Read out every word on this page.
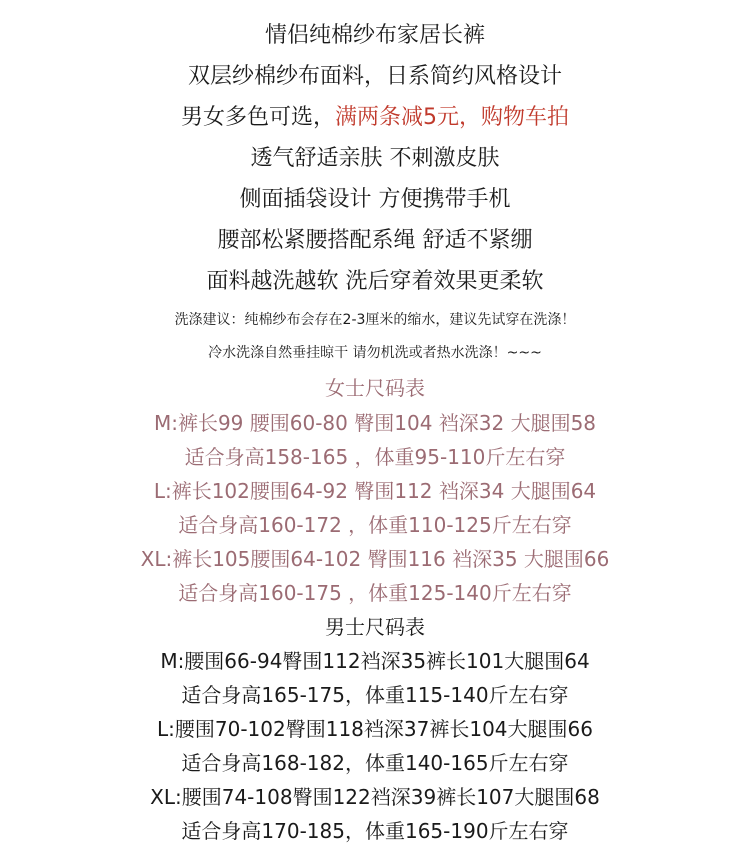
情侣纯棉纱布家居长裤
双层纱棉纱布面料，日系简约风格设计
男女多色可选，满两条减5元，购物车拍
透气舒适亲肤 不刺激皮肤
侧面插袋设计 方便携带手机
腰部松紧腰搭配系绳 舒适不紧绷
面料越洗越软 洗后穿着效果更柔软
洗涤建议：纯棉纱布会存在2-3厘米的缩水，建议先试穿在洗涤！
冷水洗涤自然垂挂晾干 请勿机洗或者热水洗涤！~~~
女士尺码表
M:裤长99 腰围60-80 臀围104 裆深32 大腿围58
适合身高158-165 ，体重95-110斤左右穿
L:裤长102腰围64-92 臀围112 裆深34 大腿围64
适合身高160-172 ，体重110-125斤左右穿
XL:裤长105腰围64-102 臀围116 裆深35 大腿围66
适合身高160-175 ，体重125-140斤左右穿
男士尺码表
M:腰围66-94臀围112裆深35裤长101大腿围64
适合身高165-175，体重115-140斤左右穿
L:腰围70-102臀围118裆深37裤长104大腿围66
适合身高168-182，体重140-165斤左右穿
XL:腰围74-108臀围122裆深39裤长107大腿围68
适合身高170-185，体重165-190斤左右穿
